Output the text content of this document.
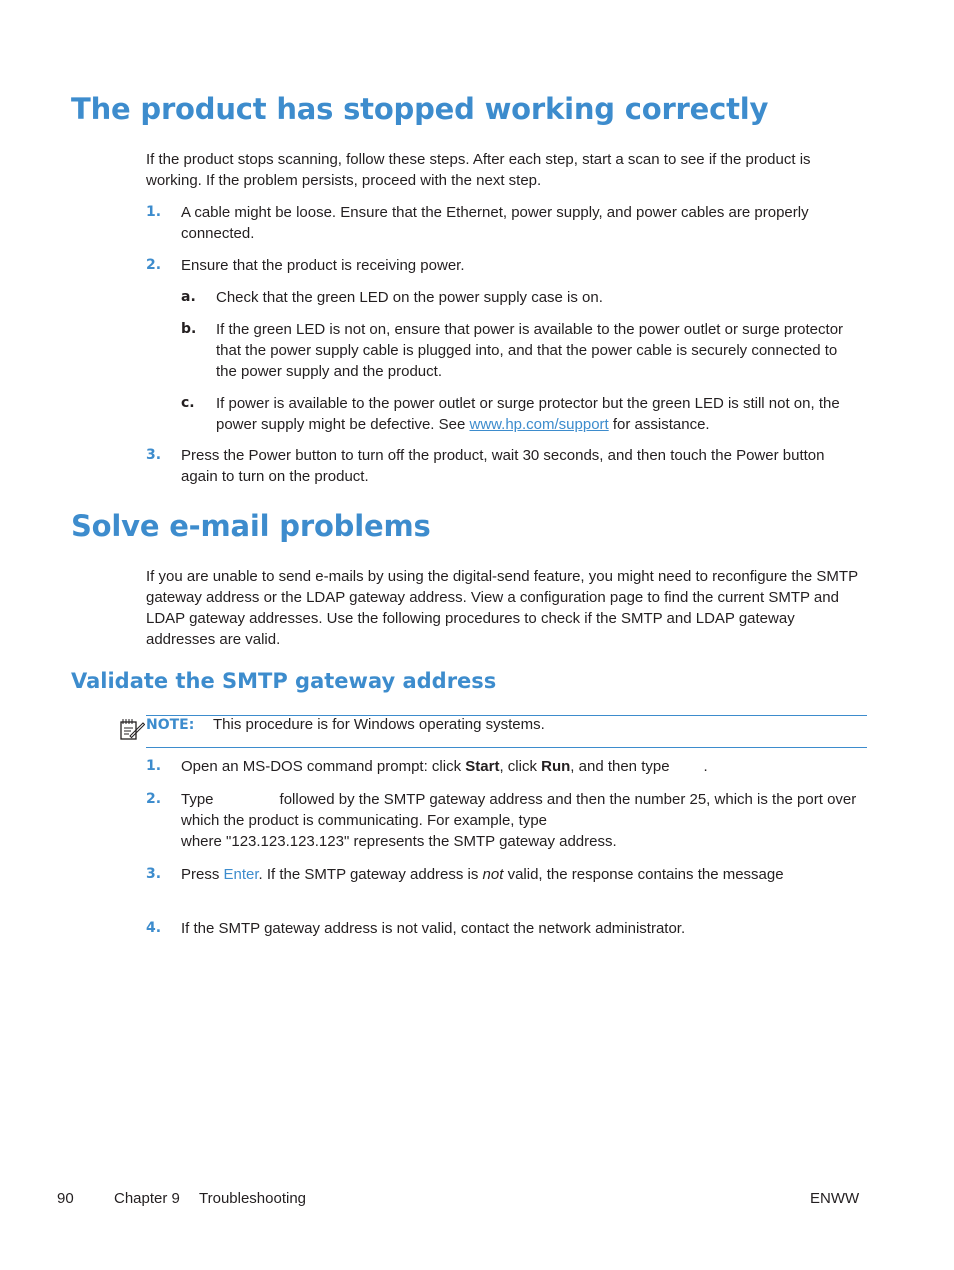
The product has stopped working correctly

If the product stops scanning, follow these steps. After each step, start a scan to see if the product is working. If the problem persists, proceed with the next step.

1. A cable might be loose. Ensure that the Ethernet, power supply, and power cables are properly connected.
2. Ensure that the product is receiving power.
a. Check that the green LED on the power supply case is on.
b. If the green LED is not on, ensure that power is available to the power outlet or surge protector that the power supply cable is plugged into, and that the power cable is securely connected to the power supply and the product.
c. If power is available to the power outlet or surge protector but the green LED is still not on, the power supply might be defective. See www.hp.com/support for assistance.
3. Press the Power button to turn off the product, wait 30 seconds, and then touch the Power button again to turn on the product.
Solve e-mail problems

If you are unable to send e-mails by using the digital-send feature, you might need to reconfigure the SMTP gateway address or the LDAP gateway address. View a configuration page to find the current SMTP and LDAP gateway addresses. Use the following procedures to check if the SMTP and LDAP gateway addresses are valid.

Validate the SMTP gateway address
NOTE: This procedure is for Windows operating systems.
1. Open an MS-DOS command prompt: click Start, click Run, and then type .
2. Type	followed by the SMTP gateway address and then the number 25, which is the port over which the product is communicating. For example, type
where "123.123.123.123" represents the SMTP gateway address.
3. Press Enter. If the SMTP gateway address is not valid, the response contains the message
4. If the SMTP gateway address is not valid, contact the network administrator.
90	Chapter 9 Troubleshooting	ENWW
